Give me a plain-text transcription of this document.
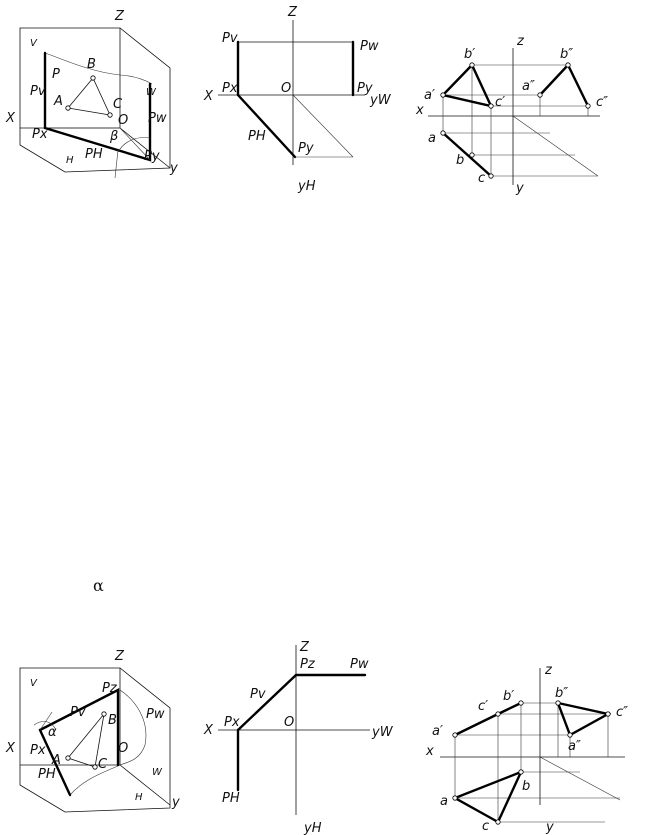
Z
V
P
B
Pv
A	C
W
O Pw
X
Px	β
PH
H	Py
y
Pv
Z
Pw
X
Px	O	Py
yW
PH
Py
yH
z
b′	b″
a′
a″
c′	c″
x
a
b
c
y
α
Z
V	Pz
Pv
B Pw
α
Px
X
A	C
O
W
PH
H y
Z
Pz	Pw
Pv
X
Px	O
yW
PH
yH
z
c′
b′	b″
c″
a′
a″
x
b
a
c	y
